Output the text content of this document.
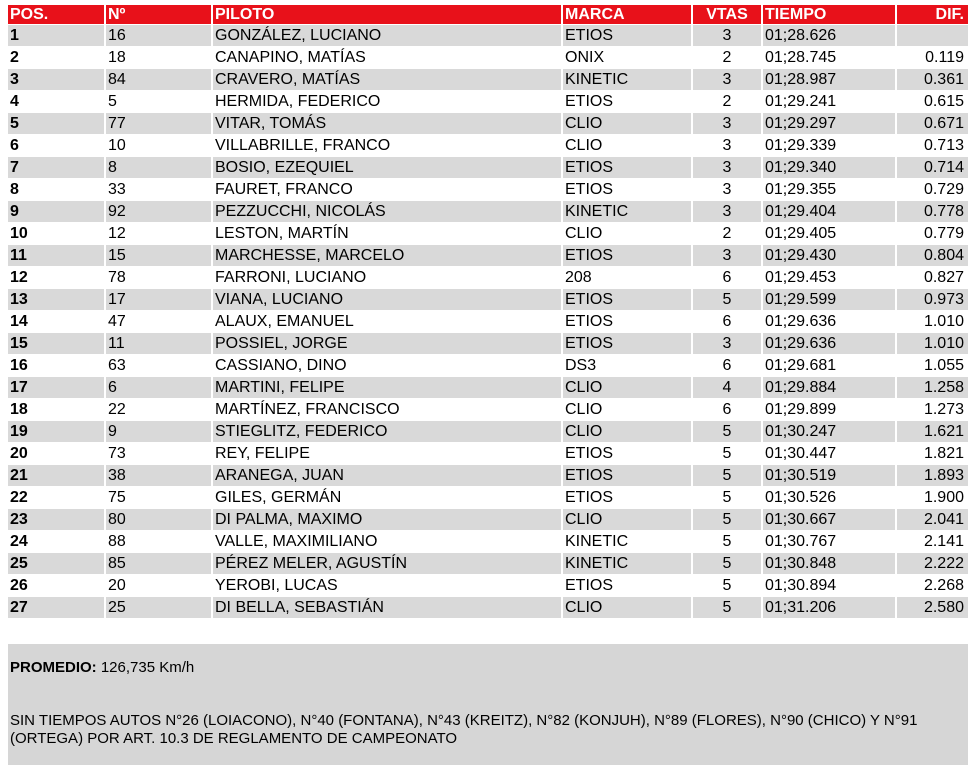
POS.	Nº	PILOTO	MARCA	VTAS	TIEMPO	DIF.
1	16	GONZÁLEZ, LUCIANO	ETIOS	3	01;28.626	
2	18	CANAPINO, MATÍAS	ONIX	2	01;28.745	0.119
3	84	CRAVERO, MATÍAS	KINETIC	3	01;28.987	0.361
4	5	HERMIDA, FEDERICO	ETIOS	2	01;29.241	0.615
5	77	VITAR, TOMÁS	CLIO	3	01;29.297	0.671
6	10	VILLABRILLE, FRANCO	CLIO	3	01;29.339	0.713
7	8	BOSIO, EZEQUIEL	ETIOS	3	01;29.340	0.714
8	33	FAURET, FRANCO	ETIOS	3	01;29.355	0.729
9	92	PEZZUCCHI, NICOLÁS	KINETIC	3	01;29.404	0.778
10	12	LESTON, MARTÍN	CLIO	2	01;29.405	0.779
11	15	MARCHESSE, MARCELO	ETIOS	3	01;29.430	0.804
12	78	FARRONI, LUCIANO	208	6	01;29.453	0.827
13	17	VIANA, LUCIANO	ETIOS	5	01;29.599	0.973
14	47	ALAUX, EMANUEL	ETIOS	6	01;29.636	1.010
15	11	POSSIEL, JORGE	ETIOS	3	01;29.636	1.010
16	63	CASSIANO, DINO	DS3	6	01;29.681	1.055
17	6	MARTINI, FELIPE	CLIO	4	01;29.884	1.258
18	22	MARTÍNEZ, FRANCISCO	CLIO	6	01;29.899	1.273
19	9	STIEGLITZ, FEDERICO	CLIO	5	01;30.247	1.621
20	73	REY, FELIPE	ETIOS	5	01;30.447	1.821
21	38	ARANEGA, JUAN	ETIOS	5	01;30.519	1.893
22	75	GILES, GERMÁN	ETIOS	5	01;30.526	1.900
23	80	DI PALMA, MAXIMO	CLIO	5	01;30.667	2.041
24	88	VALLE, MAXIMILIANO	KINETIC	5	01;30.767	2.141
25	85	PÉREZ MELER, AGUSTÍN	KINETIC	5	01;30.848	2.222
26	20	YEROBI, LUCAS	ETIOS	5	01;30.894	2.268
27	25	DI BELLA, SEBASTIÁN	CLIO	5	01;31.206	2.580
PROMEDIO: 126,735 Km/h
SIN TIEMPOS AUTOS N°26 (LOIACONO), N°40 (FONTANA), N°43 (KREITZ), N°82 (KONJUH), N°89 (FLORES), N°90 (CHICO) Y N°91 (ORTEGA) POR ART. 10.3 DE REGLAMENTO DE CAMPEONATO
